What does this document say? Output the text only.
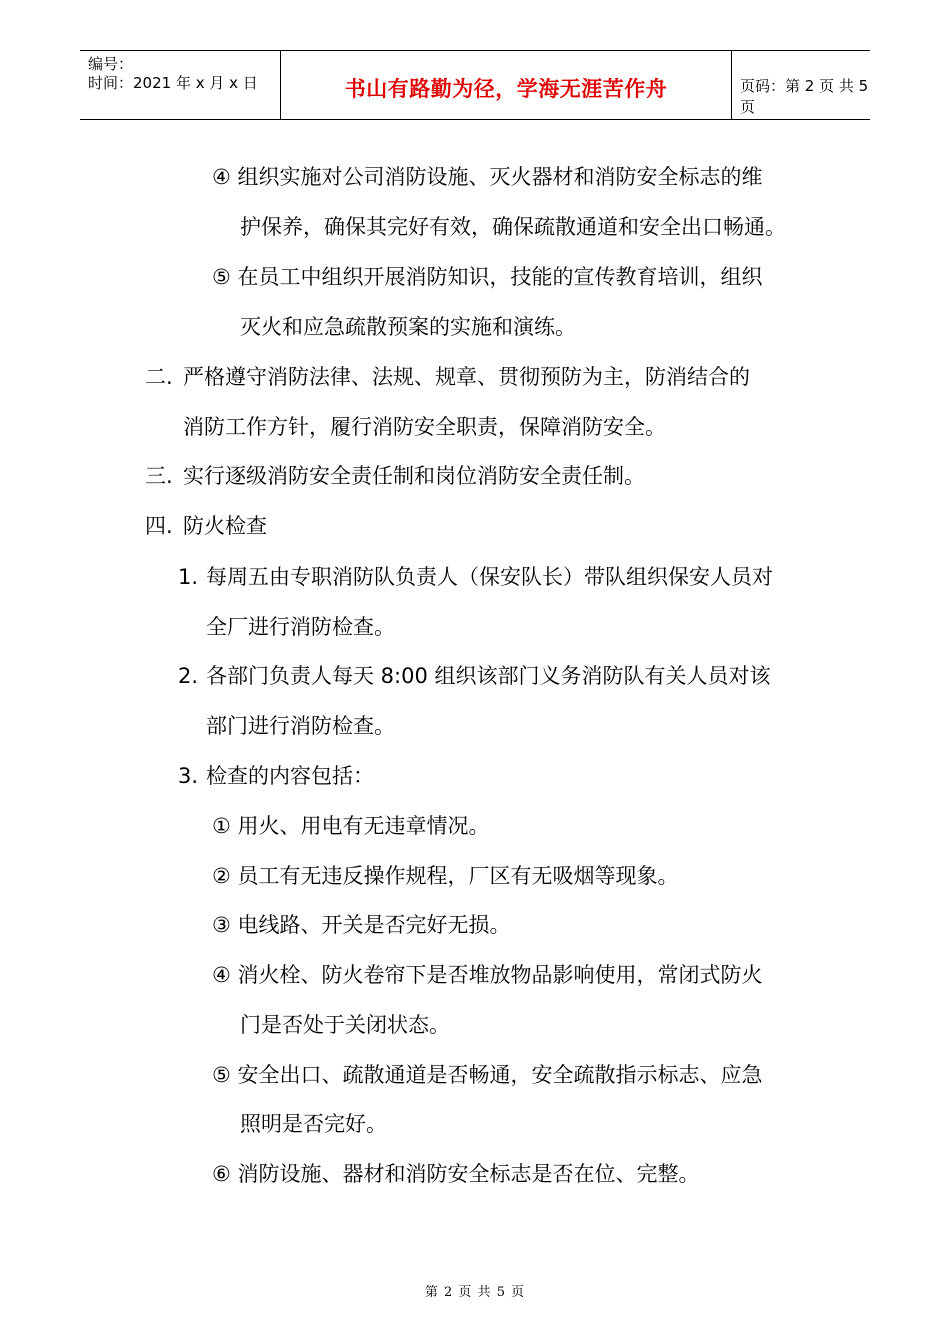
编号：
时间：2021 年 x 月 x 日	书山有路勤为径，学海无涯苦作舟	页码：第 2 页 共 5 页
④ 组织实施对公司消防设施、灭火器材和消防安全标志的维
护保养，确保其完好有效，确保疏散通道和安全出口畅通。
⑤ 在员工中组织开展消防知识，技能的宣传教育培训，组织
灭火和应急疏散预案的实施和演练。
二. 严格遵守消防法律、法规、规章、贯彻预防为主，防消结合的
消防工作方针，履行消防安全职责，保障消防安全。
三. 实行逐级消防安全责任制和岗位消防安全责任制。
四. 防火检查
1. 每周五由专职消防队负责人（保安队长）带队组织保安人员对
全厂进行消防检查。
2. 各部门负责人每天 8:00 组织该部门义务消防队有关人员对该
部门进行消防检查。
3. 检查的内容包括：
① 用火、用电有无违章情况。
② 员工有无违反操作规程，厂区有无吸烟等现象。
③ 电线路、开关是否完好无损。
④ 消火栓、防火卷帘下是否堆放物品影响使用，常闭式防火
门是否处于关闭状态。
⑤ 安全出口、疏散通道是否畅通，安全疏散指示标志、应急
照明是否完好。
⑥ 消防设施、器材和消防安全标志是否在位、完整。
第 2 页 共 5 页
